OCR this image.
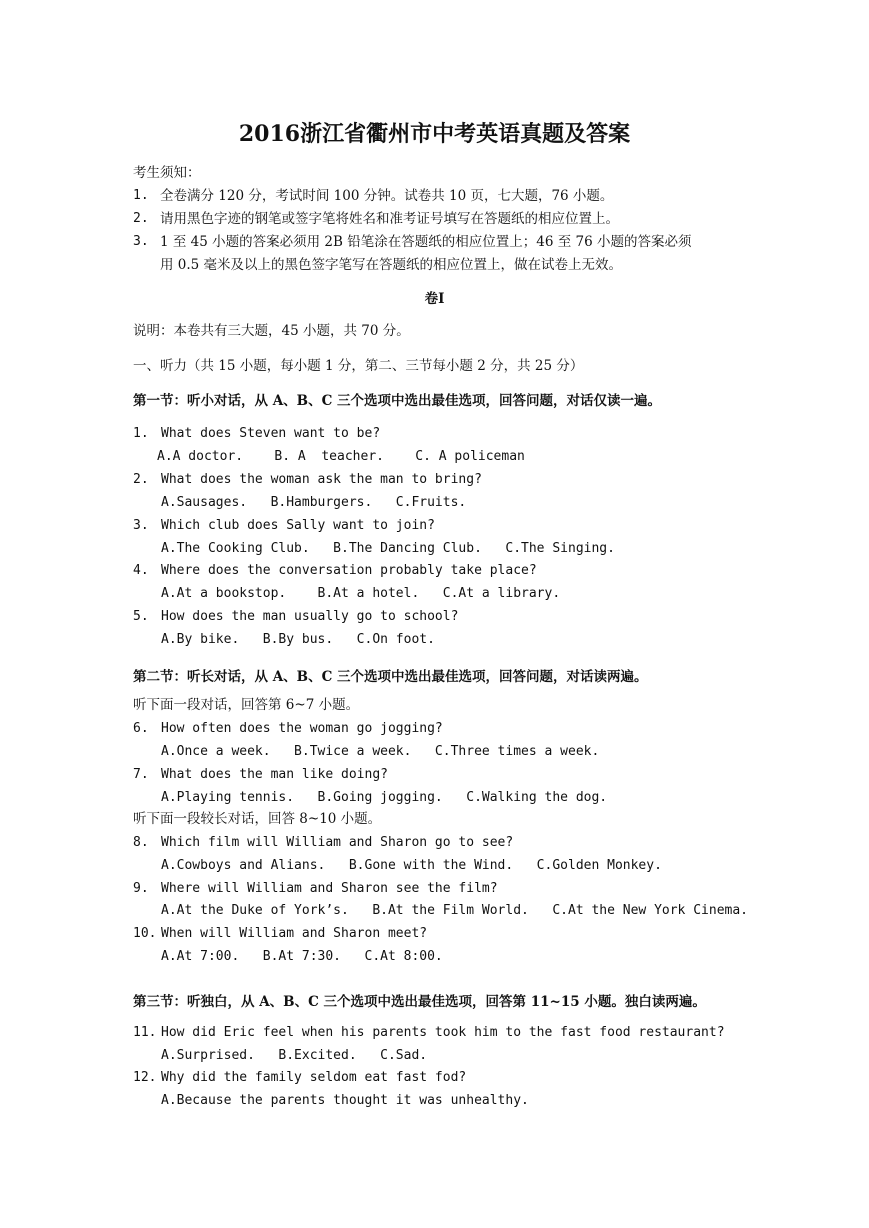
2016浙江省衢州市中考英语真题及答案
考生须知：
1. 全卷满分 120 分，考试时间 100 分钟。试卷共 10 页，七大题，76 小题。
2. 请用黑色字迹的钢笔或签字笔将姓名和准考证号填写在答题纸的相应位置上。
3. 1 至 45 小题的答案必须用 2B 铅笔涂在答题纸的相应位置上；46 至 76 小题的答案必须
用 0.5 毫米及以上的黑色签字笔写在答题纸的相应位置上，做在试卷上无效。
卷Ⅰ
说明：本卷共有三大题，45 小题，共 70 分。
一、听力（共 15 小题，每小题 1 分，第二、三节每小题 2 分，共 25 分）
第一节：听小对话，从 A、B、C 三个选项中选出最佳选项，回答问题，对话仅读一遍。
1. What does Steven want to be?
A.A doctor.    B. A  teacher.    C. A policeman
2. What does the woman ask the man to bring?
A.Sausages.   B.Hamburgers.   C.Fruits.
3. Which club does Sally want to join?
A.The Cooking Club.   B.The Dancing Club.   C.The Singing.
4. Where does the conversation probably take place?
A.At a bookstop.    B.At a hotel.   C.At a library.
5. How does the man usually go to school?
A.By bike.   B.By bus.   C.On foot.
第二节：听长对话，从 A、B、C 三个选项中选出最佳选项，回答问题，对话读两遍。
听下面一段对话，回答第 6~7 小题。
6. How often does the woman go jogging?
A.Once a week.   B.Twice a week.   C.Three times a week.
7. What does the man like doing?
A.Playing tennis.   B.Going jogging.   C.Walking the dog.
听下面一段较长对话，回答 8~10 小题。
8. Which film will William and Sharon go to see?
A.Cowboys and Alians.   B.Gone with the Wind.   C.Golden Monkey.
9. Where will William and Sharon see the film?
A.At the Duke of York’s.   B.At the Film World.   C.At the New York Cinema.
10. When will William and Sharon meet?
A.At 7:00.   B.At 7:30.   C.At 8:00.
第三节：听独白，从 A、B、C 三个选项中选出最佳选项，回答第 11~15 小题。独白读两遍。
11. How did Eric feel when his parents took him to the fast food restaurant?
A.Surprised.   B.Excited.   C.Sad.
12. Why did the family seldom eat fast fod?
A.Because the parents thought it was unhealthy.
